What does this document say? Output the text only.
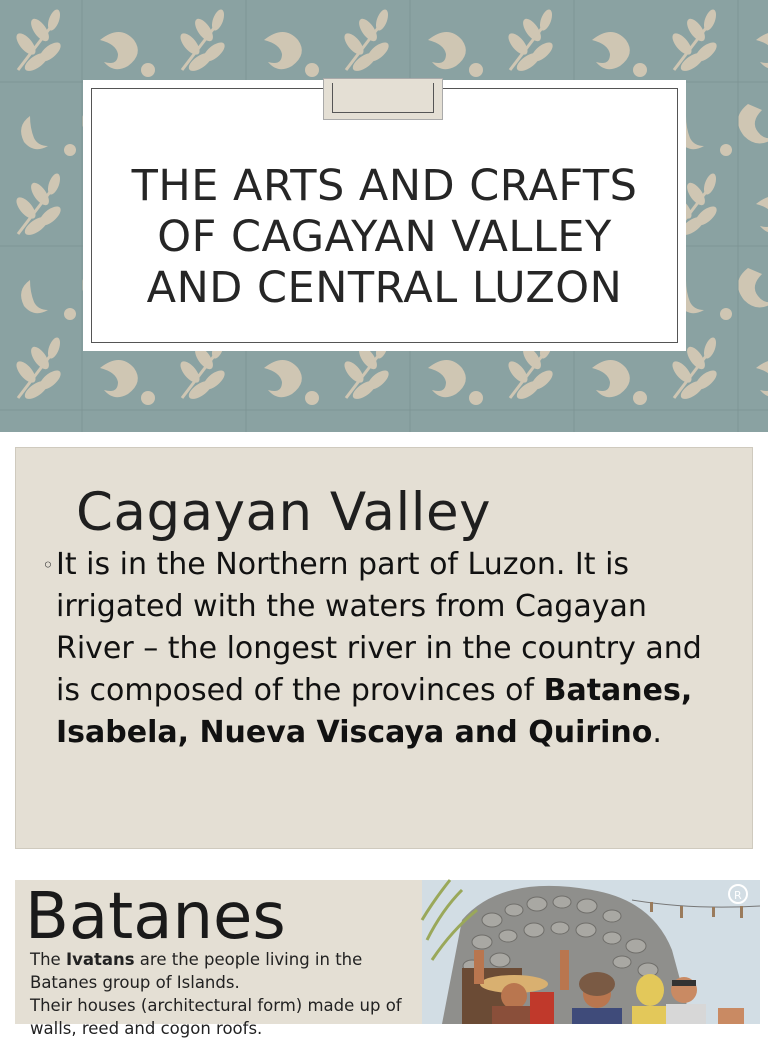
THE ARTS AND CRAFTS
OF CAGAYAN VALLEY
AND CENTRAL LUZON
Cagayan Valley
◦ It is in the Northern part of Luzon. It is irrigated with the waters from Cagayan River – the longest river in the country and is composed of the provinces of Batanes, Isabela, Nueva Viscaya and Quirino.
Batanes
The Ivatans are the people living in the Batanes group of Islands.
Their houses (architectural form) made up of walls, reed and cogon roofs.
R
